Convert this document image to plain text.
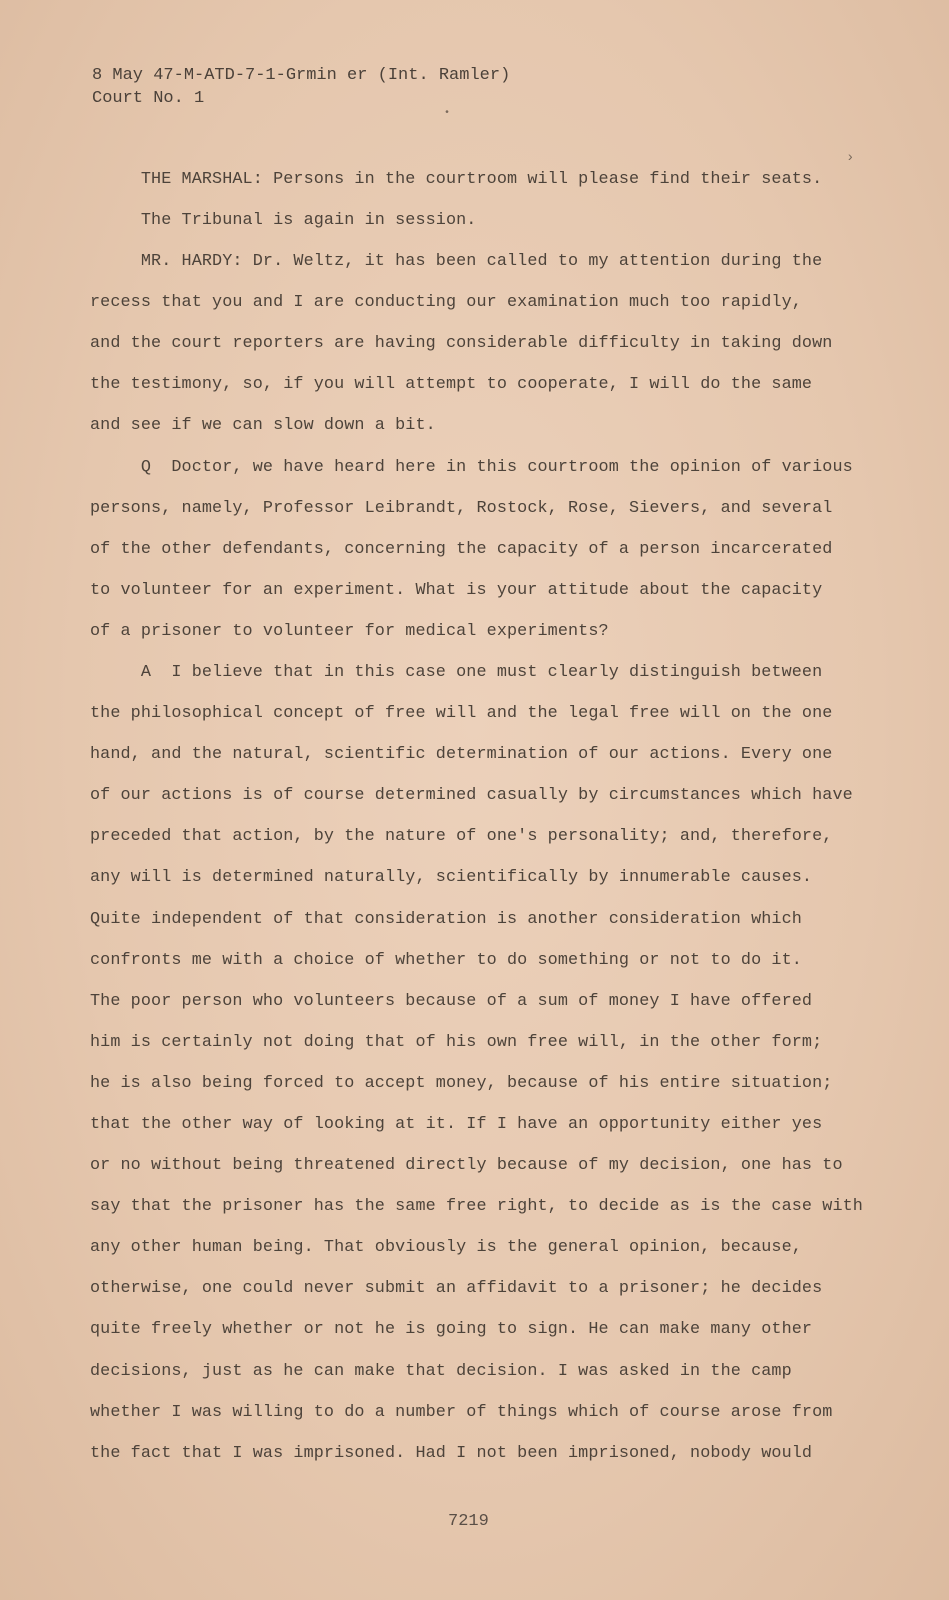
8 May 47-M-ATD-7-1-Grmin er (Int. Ramler)
Court No. 1
THE MARSHAL: Persons in the courtroom will please find their seats.
The Tribunal is again in session.
MR. HARDY: Dr. Weltz, it has been called to my attention during the
recess that you and I are conducting our examination much too rapidly,
and the court reporters are having considerable difficulty in taking down
the testimony, so, if you will attempt to cooperate, I will do the same
and see if we can slow down a bit.
Q  Doctor, we have heard here in this courtroom the opinion of various
persons, namely, Professor Leibrandt, Rostock, Rose, Sievers, and several
of the other defendants, concerning the capacity of a person incarcerated
to volunteer for an experiment. What is your attitude about the capacity
of a prisoner to volunteer for medical experiments?
A  I believe that in this case one must clearly distinguish between
the philosophical concept of free will and the legal free will on the one
hand, and the natural, scientific determination of our actions. Every one
of our actions is of course determined casually by circumstances which have
preceded that action, by the nature of one's personality; and, therefore,
any will is determined naturally, scientifically by innumerable causes.
Quite independent of that consideration is another consideration which
confronts me with a choice of whether to do something or not to do it.
The poor person who volunteers because of a sum of money I have offered
him is certainly not doing that of his own free will, in the other form;
he is also being forced to accept money, because of his entire situation;
that the other way of looking at it. If I have an opportunity either yes
or no without being threatened directly because of my decision, one has to
say that the prisoner has the same free right, to decide as is the case with
any other human being. That obviously is the general opinion, because,
otherwise, one could never submit an affidavit to a prisoner; he decides
quite freely whether or not he is going to sign. He can make many other
decisions, just as he can make that decision. I was asked in the camp
whether I was willing to do a number of things which of course arose from
the fact that I was imprisoned. Had I not been imprisoned, nobody would
7219
›
•
